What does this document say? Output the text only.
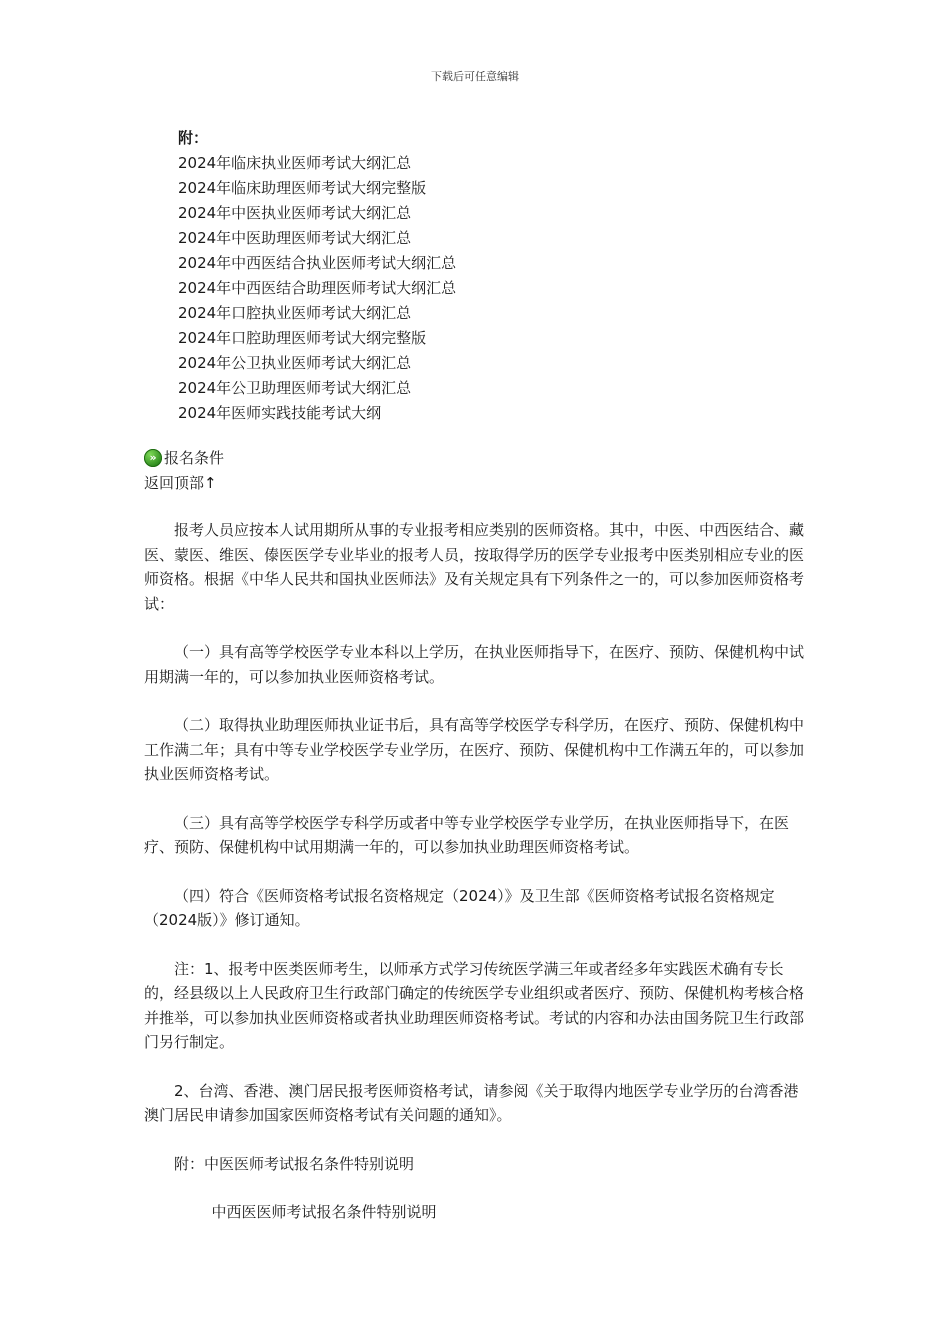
下载后可任意编辑
附：
2024年临床执业医师考试大纲汇总
2024年临床助理医师考试大纲完整版
2024年中医执业医师考试大纲汇总
2024年中医助理医师考试大纲汇总
2024年中西医结合执业医师考试大纲汇总
2024年中西医结合助理医师考试大纲汇总
2024年口腔执业医师考试大纲汇总
2024年口腔助理医师考试大纲完整版
2024年公卫执业医师考试大纲汇总
2024年公卫助理医师考试大纲汇总
2024年医师实践技能考试大纲
» 报名条件
返回顶部↑

报考人员应按本人试用期所从事的专业报考相应类别的医师资格。其中，中医、中西医结合、藏医、蒙医、维医、傣医医学专业毕业的报考人员，按取得学历的医学专业报考中医类别相应专业的医师资格。根据《中华人民共和国执业医师法》及有关规定具有下列条件之一的，可以参加医师资格考试：

（一）具有高等学校医学专业本科以上学历，在执业医师指导下，在医疗、预防、保健机构中试用期满一年的，可以参加执业医师资格考试。

（二）取得执业助理医师执业证书后，具有高等学校医学专科学历，在医疗、预防、保健机构中工作满二年；具有中等专业学校医学专业学历，在医疗、预防、保健机构中工作满五年的，可以参加执业医师资格考试。

（三）具有高等学校医学专科学历或者中等专业学校医学专业学历，在执业医师指导下，在医疗、预防、保健机构中试用期满一年的，可以参加执业助理医师资格考试。

（四）符合《医师资格考试报名资格规定（2024）》及卫生部《医师资格考试报名资格规定（2024版）》修订通知。

注：1、报考中医类医师考生，以师承方式学习传统医学满三年或者经多年实践医术确有专长的，经县级以上人民政府卫生行政部门确定的传统医学专业组织或者医疗、预防、保健机构考核合格并推举，可以参加执业医师资格或者执业助理医师资格考试。考试的内容和办法由国务院卫生行政部门另行制定。

2、台湾、香港、澳门居民报考医师资格考试，请参阅《关于取得内地医学专业学历的台湾香港澳门居民申请参加国家医师资格考试有关问题的通知》。

附：中医医师考试报名条件特别说明

中西医医师考试报名条件特别说明
